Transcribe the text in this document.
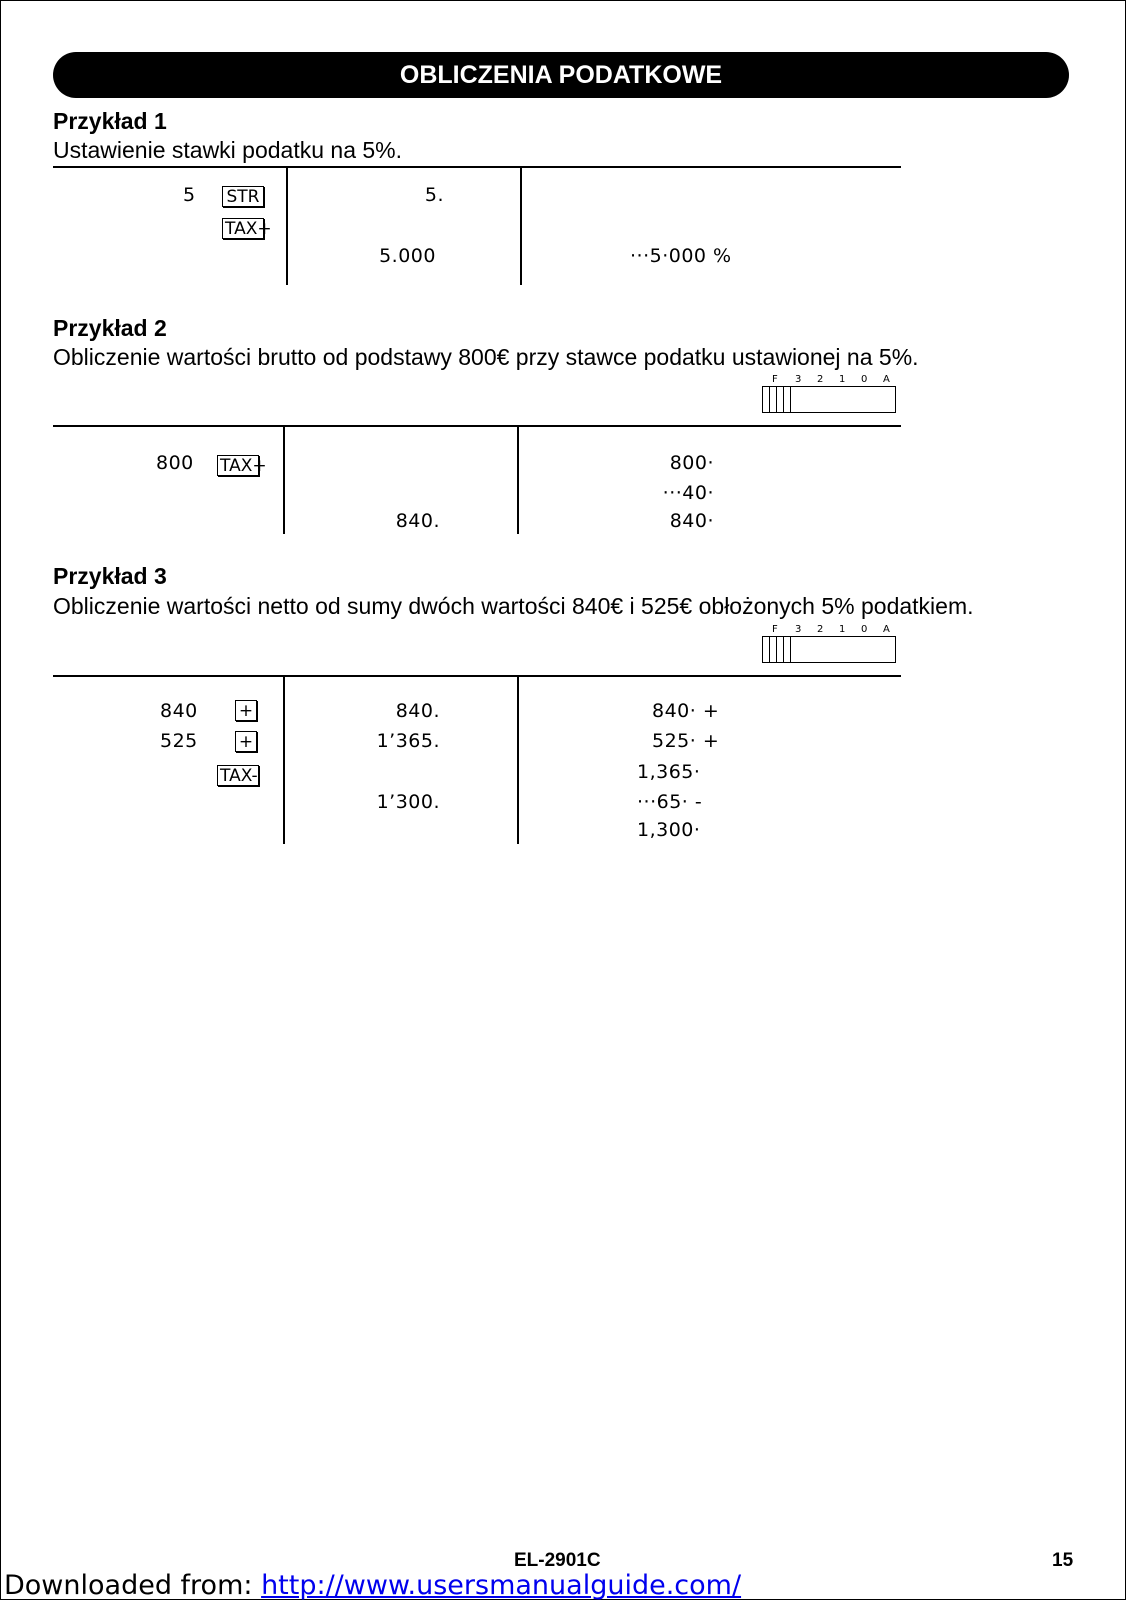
OBLICZENIA PODATKOWE
Przykład 1
Ustawienie stawki podatku na 5%.
5 STR
TAX+
5.
5.000	···5·000 %
Przykład 2
Obliczenie wartości brutto od podstawy 800€ przy stawce podatku ustawionej na 5%.
F 3 2 1 0 A
800 TAX+
840.
800·
···40·
840·
Przykład 3
Obliczenie wartości netto od sumy dwóch wartości 840€ i 525€ obłożonych 5% podatkiem.
F 3 2 1 0 A
840
525
+
+
TAX-
840.
1’365.
1’300.
840· +
525· +
1,365·
···65· -
1,300·
EL-2901C	15
Downloaded from: http://www.usersmanualguide.com/
